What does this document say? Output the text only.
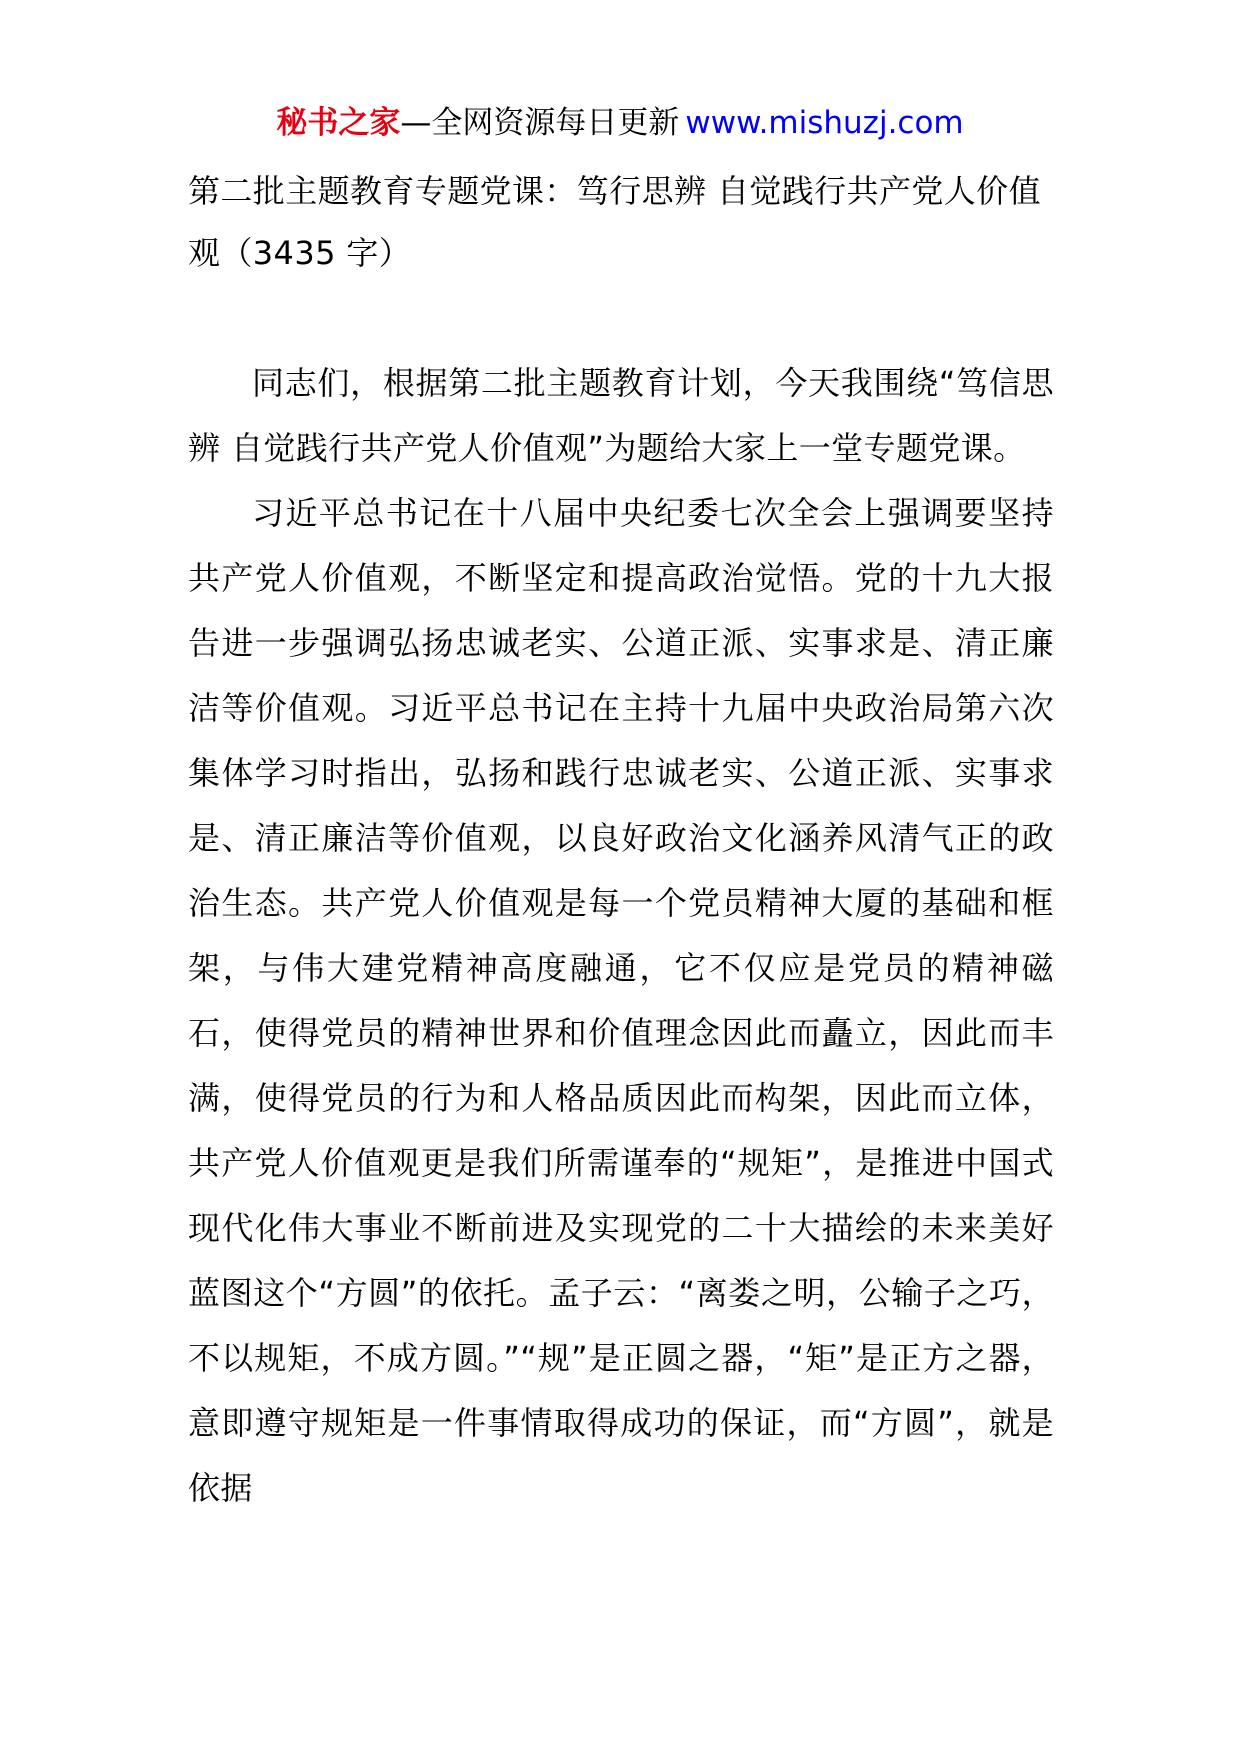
秘书之家—全网资源每日更新 www.mishuzj.com
第二批主题教育专题党课：笃行思辨 自觉践行共产党人价值观（3435 字）

同志们，根据第二批主题教育计划，今天我围绕“笃信思辨 自觉践行共产党人价值观”为题给大家上一堂专题党课。

习近平总书记在十八届中央纪委七次全会上强调要坚持共产党人价值观，不断坚定和提高政治觉悟。党的十九大报告进一步强调弘扬忠诚老实、公道正派、实事求是、清正廉洁等价值观。习近平总书记在主持十九届中央政治局第六次集体学习时指出，弘扬和践行忠诚老实、公道正派、实事求是、清正廉洁等价值观，以良好政治文化涵养风清气正的政治生态。共产党人价值观是每一个党员精神大厦的基础和框架，与伟大建党精神高度融通，它不仅应是党员的精神磁石，使得党员的精神世界和价值理念因此而矗立，因此而丰满，使得党员的行为和人格品质因此而构架，因此而立体，共产党人价值观更是我们所需谨奉的“规矩”，是推进中国式现代化伟大事业不断前进及实现党的二十大描绘的未来美好蓝图这个“方圆”的依托。孟子云：“离娄之明，公输子之巧，不以规矩，不成方圆。”“规”是正圆之器，“矩”是正方之器，意即遵守规矩是一件事情取得成功的保证，而“方圆”，就是依据
